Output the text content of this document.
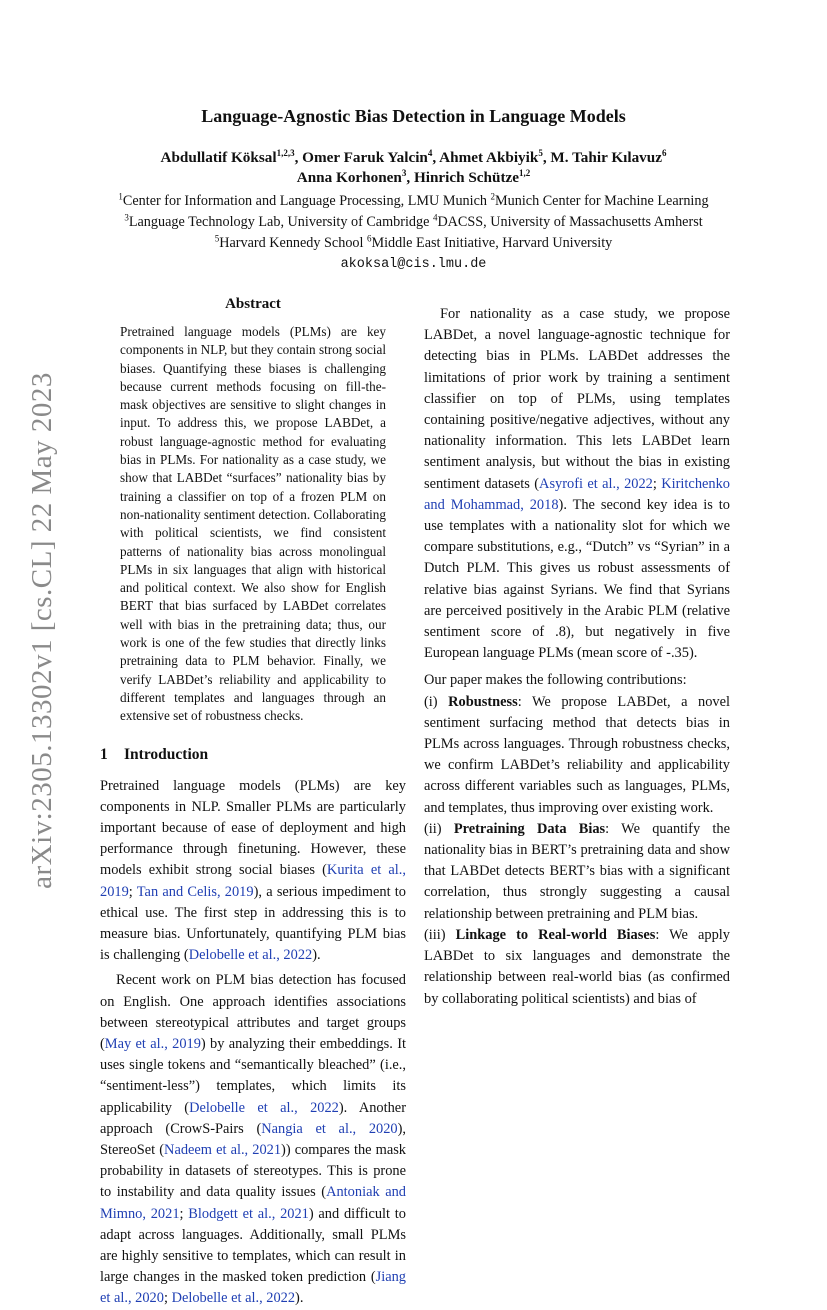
arXiv:2305.13302v1 [cs.CL] 22 May 2023
Language-Agnostic Bias Detection in Language Models
Abdullatif Köksal$^{1,2,3}$, Omer Faruk Yalcin$^4$, Ahmet Akbiyik$^5$, M. Tahir Kılavuz$^6$
Anna Korhonen$^3$, Hinrich Schütze$^{1,2}$
$^1$Center for Information and Language Processing, LMU Munich $^2$Munich Center for Machine Learning
$^3$Language Technology Lab, University of Cambridge $^4$DACSS, University of Massachusetts Amherst
$^5$Harvard Kennedy School $^6$Middle East Initiative, Harvard University
akoksal@cis.lmu.de
Abstract

Pretrained language models (PLMs) are key components in NLP, but they contain strong social biases. Quantifying these biases is challenging because current methods focusing on fill-the-mask objectives are sensitive to slight changes in input. To address this, we propose LABDet, a robust language-agnostic method for evaluating bias in PLMs. For nationality as a case study, we show that LABDet “surfaces” nationality bias by training a classifier on top of a frozen PLM on non-nationality sentiment detection. Collaborating with political scientists, we find consistent patterns of nationality bias across monolingual PLMs in six languages that align with historical and political context. We also show for English BERT that bias surfaced by LABDet correlates well with bias in the pretraining data; thus, our work is one of the few studies that directly links pretraining data to PLM behavior. Finally, we verify LABDet’s reliability and applicability to different templates and languages through an extensive set of robustness checks.

1 Introduction

Pretrained language models (PLMs) are key components in NLP. Smaller PLMs are particularly important because of ease of deployment and high performance through finetuning. However, these models exhibit strong social biases (Kurita et al., 2019; Tan and Celis, 2019), a serious impediment to ethical use. The first step in addressing this is to measure bias. Unfortunately, quantifying PLM bias is challenging (Delobelle et al., 2022).

Recent work on PLM bias detection has focused on English. One approach identifies associations between stereotypical attributes and target groups (May et al., 2019) by analyzing their embeddings. It uses single tokens and “semantically bleached” (i.e., “sentiment-less”) templates, which limits its applicability (Delobelle et al., 2022). Another approach (CrowS-Pairs (Nangia et al., 2020), StereoSet (Nadeem et al., 2021)) compares the mask probability in datasets of stereotypes. This is prone to instability and data quality issues (Antoniak and Mimno, 2021; Blodgett et al., 2021) and difficult to adapt across languages. Additionally, small PLMs are highly sensitive to templates, which can result in large changes in the masked token prediction (Jiang et al., 2020; Delobelle et al., 2022).

For nationality as a case study, we propose LABDet, a novel language-agnostic technique for detecting bias in PLMs. LABDet addresses the limitations of prior work by training a sentiment classifier on top of PLMs, using templates containing positive/negative adjectives, without any nationality information. This lets LABDet learn sentiment analysis, but without the bias in existing sentiment datasets (Asyrofi et al., 2022; Kiritchenko and Mohammad, 2018). The second key idea is to use templates with a nationality slot for which we compare substitutions, e.g., “Dutch” vs “Syrian” in a Dutch PLM. This gives us robust assessments of relative bias against Syrians. We find that Syrians are perceived positively in the Arabic PLM (relative sentiment score of .8), but negatively in five European language PLMs (mean score of -.35).

Our paper makes the following contributions:

(i) Robustness: We propose LABDet, a novel sentiment surfacing method that detects bias in PLMs across languages. Through robustness checks, we confirm LABDet’s reliability and applicability across different variables such as languages, PLMs, and templates, thus improving over existing work.

(ii) Pretraining Data Bias: We quantify the nationality bias in BERT’s pretraining data and show that LABDet detects BERT’s bias with a significant correlation, thus strongly suggesting a causal relationship between pretraining and PLM bias.

(iii) Linkage to Real-world Biases: We apply LABDet to six languages and demonstrate the relationship between real-world bias (as confirmed by collaborating political scientists) and bias of
